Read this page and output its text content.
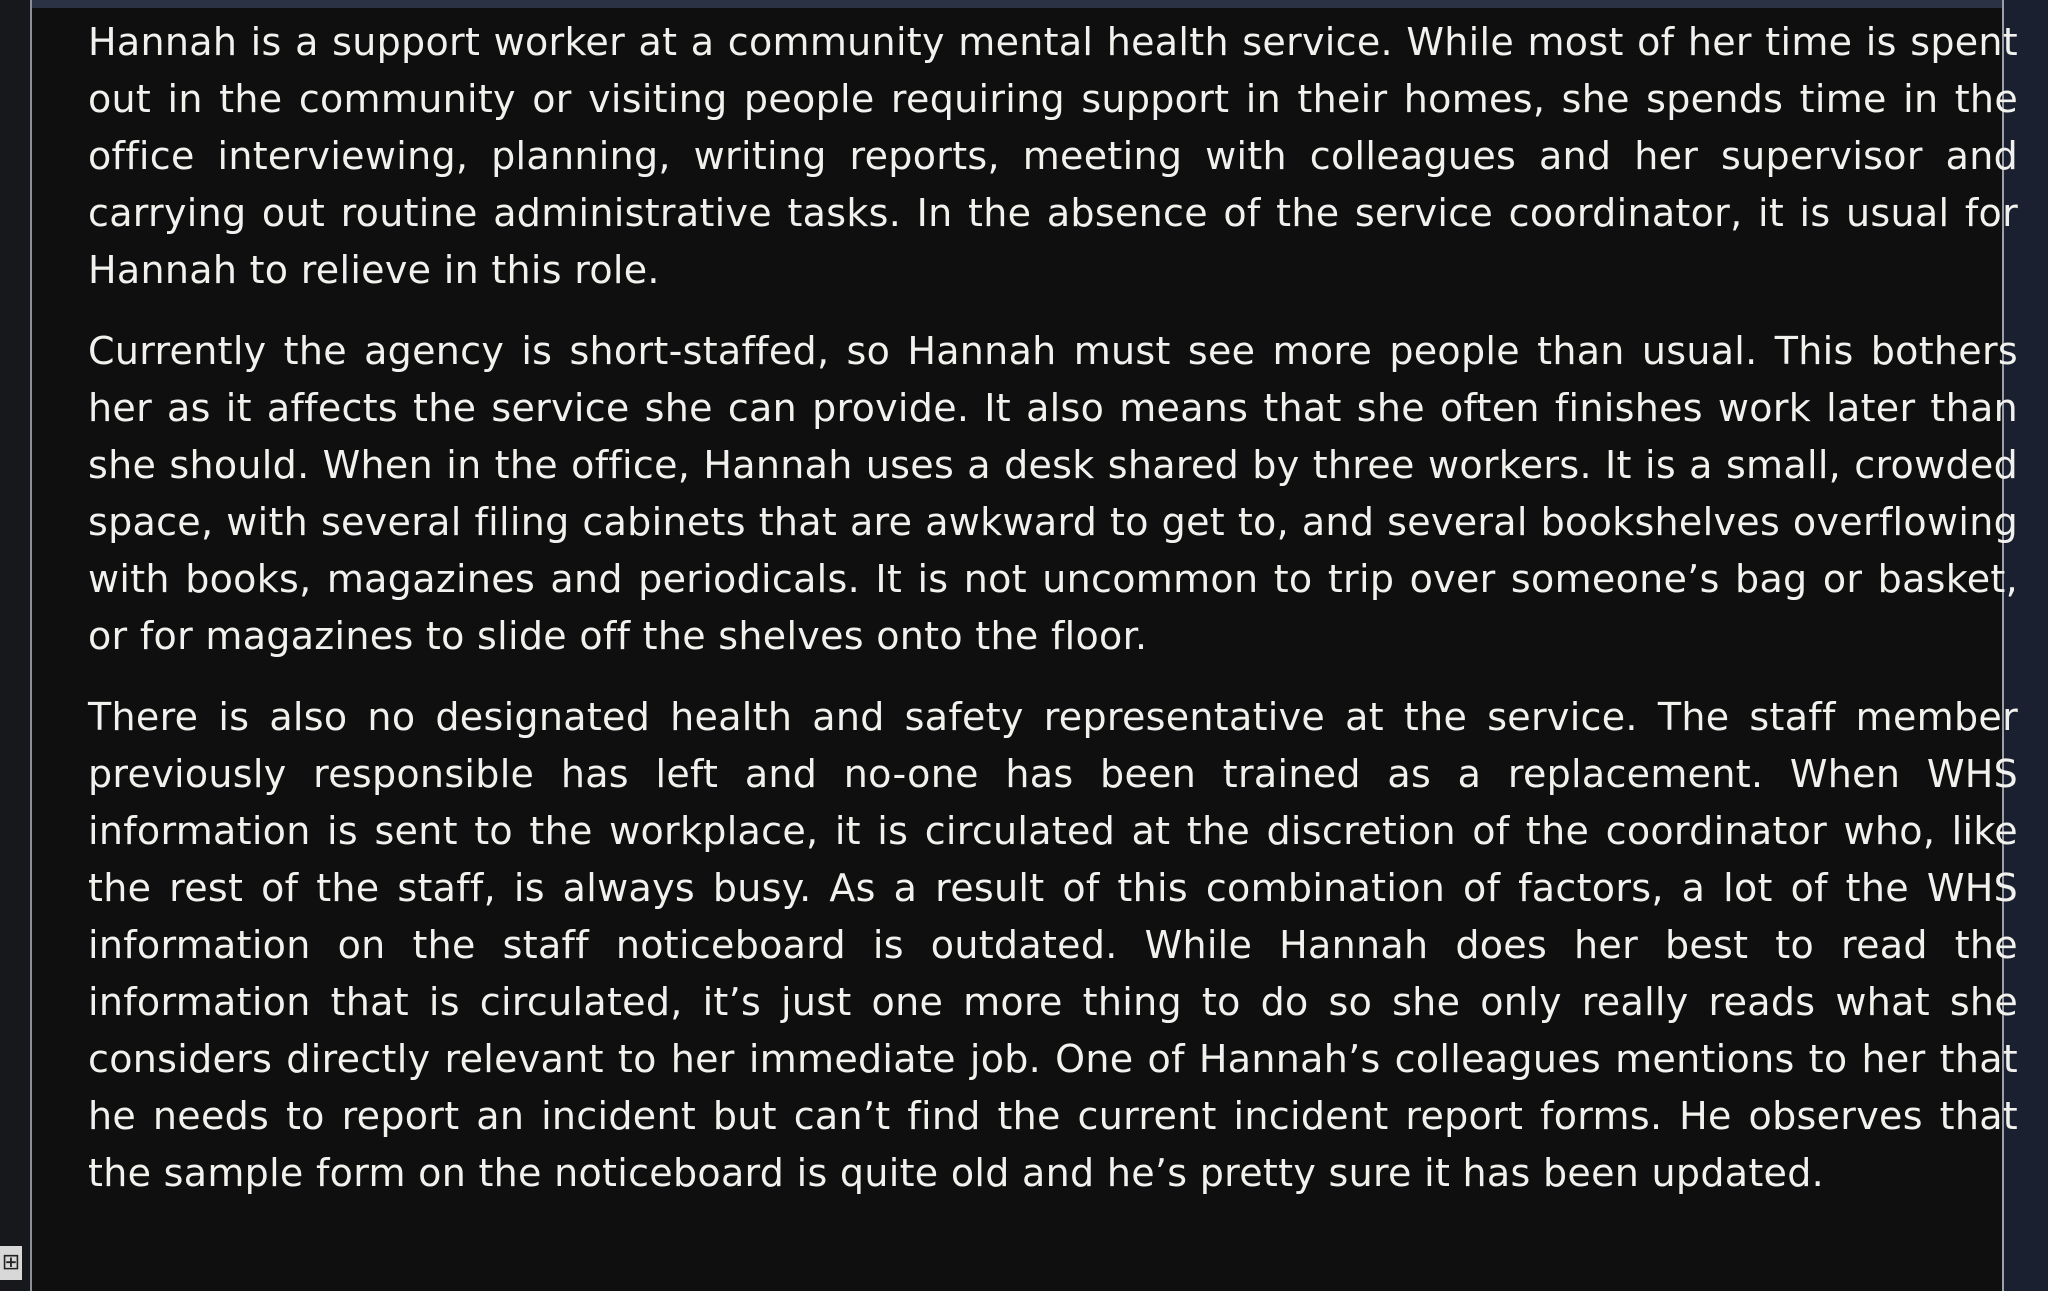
Hannah is a support worker at a community mental health service. While most of her time is spent out in the community or visiting people requiring support in their homes, she spends time in the office interviewing, planning, writing reports, meeting with colleagues and her supervisor and carrying out routine administrative tasks. In the absence of the service coordinator, it is usual for Hannah to relieve in this role.

Currently the agency is short-staffed, so Hannah must see more people than usual. This bothers her as it affects the service she can provide. It also means that she often finishes work later than she should. When in the office, Hannah uses a desk shared by three workers. It is a small, crowded space, with several filing cabinets that are awkward to get to, and several bookshelves overflowing with books, magazines and periodicals. It is not uncommon to trip over someone’s bag or basket, or for magazines to slide off the shelves onto the floor.

There is also no designated health and safety representative at the service. The staff member previously responsible has left and no-one has been trained as a replacement. When WHS information is sent to the workplace, it is circulated at the discretion of the coordinator who, like the rest of the staff, is always busy. As a result of this combination of factors, a lot of the WHS information on the staff noticeboard is outdated. While Hannah does her best to read the information that is circulated, it’s just one more thing to do so she only really reads what she considers directly relevant to her immediate job. One of Hannah’s colleagues mentions to her that he needs to report an incident but can’t find the current incident report forms. He observes that the sample form on the noticeboard is quite old and he’s pretty sure it has been updated.

⊞
